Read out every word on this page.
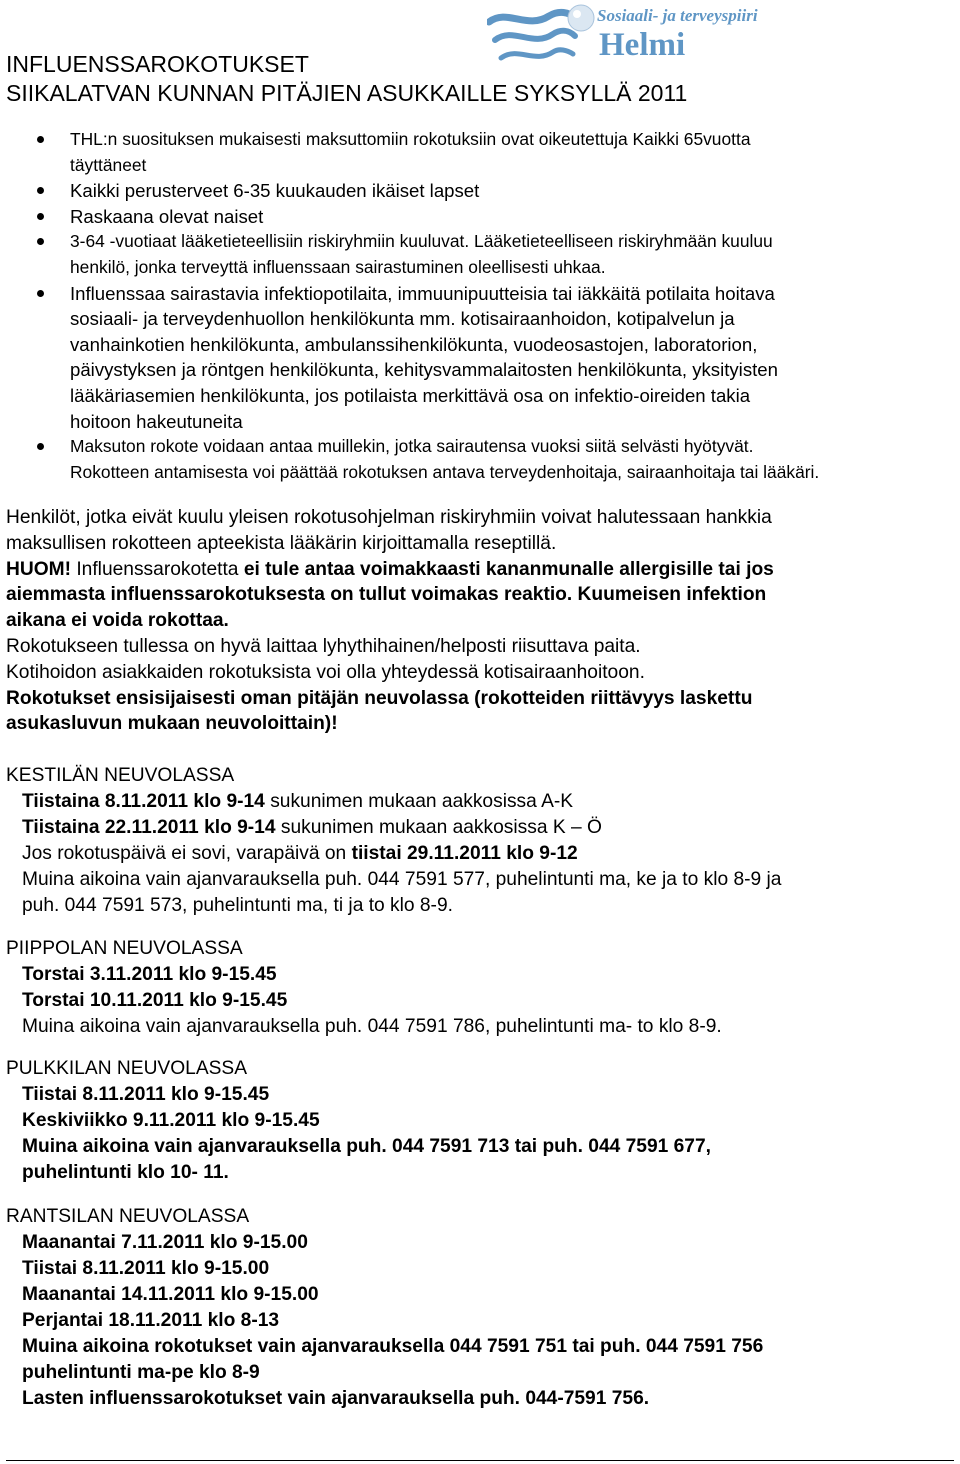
Sosiaali- ja terveyspiiri
Helmi
INFLUENSSAROKOTUKSET
SIIKALATVAN KUNNAN PITÄJIEN ASUKKAILLE SYKSYLLÄ 2011
THL:n suosituksen mukaisesti maksuttomiin rokotuksiin ovat oikeutettuja Kaikki 65vuotta
täyttäneet
Kaikki perusterveet 6-35 kuukauden ikäiset lapset
Raskaana olevat naiset
3-64 -vuotiaat lääketieteellisiin riskiryhmiin kuuluvat. Lääketieteelliseen riskiryhmään kuuluu
henkilö, jonka terveyttä influenssaan sairastuminen oleellisesti uhkaa.
Influenssaa sairastavia infektiopotilaita, immuunipuutteisia tai iäkkäitä potilaita hoitava
sosiaali- ja terveydenhuollon henkilökunta mm. kotisairaanhoidon, kotipalvelun ja
vanhainkotien henkilökunta, ambulanssihenkilökunta, vuodeosastojen, laboratorion,
päivystyksen ja röntgen henkilökunta, kehitysvammalaitosten henkilökunta, yksityisten
lääkäriasemien henkilökunta, jos potilaista merkittävä osa on infektio-oireiden takia
hoitoon hakeutuneita
Maksuton rokote voidaan antaa muillekin, jotka sairautensa vuoksi siitä selvästi hyötyvät.
Rokotteen antamisesta voi päättää rokotuksen antava terveydenhoitaja, sairaanhoitaja tai lääkäri.

Henkilöt, jotka eivät kuulu yleisen rokotusohjelman riskiryhmiin voivat halutessaan hankkia
maksullisen rokotteen apteekista lääkärin kirjoittamalla reseptillä.

HUOM! Influenssarokotetta ei tule antaa voimakkaasti kananmunalle allergisille tai jos
aiemmasta influenssarokotuksesta on tullut voimakas reaktio. Kuumeisen infektion
aikana ei voida rokottaa.

Rokotukseen tullessa on hyvä laittaa lyhythihainen/helposti riisuttava paita.

Kotihoidon asiakkaiden rokotuksista voi olla yhteydessä kotisairaanhoitoon.

Rokotukset ensisijaisesti oman pitäjän neuvolassa (rokotteiden riittävyys laskettu
asukasluvun mukaan neuvoloittain)!

KESTILÄN NEUVOLASSA
Tiistaina 8.11.2011 klo 9-14 sukunimen mukaan aakkosissa A-K
Tiistaina 22.11.2011 klo 9-14 sukunimen mukaan aakkosissa K – Ö
Jos rokotuspäivä ei sovi, varapäivä on tiistai 29.11.2011 klo 9-12
Muina aikoina vain ajanvarauksella puh. 044 7591 577, puhelintunti ma, ke ja to klo 8-9 ja
puh. 044 7591 573, puhelintunti ma, ti ja to klo 8-9.
PIIPPOLAN NEUVOLASSA
Torstai 3.11.2011 klo 9-15.45
Torstai 10.11.2011 klo 9-15.45
Muina aikoina vain ajanvarauksella puh. 044 7591 786, puhelintunti ma- to klo 8-9.
PULKKILAN NEUVOLASSA
Tiistai 8.11.2011 klo 9-15.45
Keskiviikko 9.11.2011 klo 9-15.45
Muina aikoina vain ajanvarauksella puh. 044 7591 713 tai puh. 044 7591 677,
puhelintunti klo 10- 11.
RANTSILAN NEUVOLASSA
Maanantai 7.11.2011 klo 9-15.00
Tiistai 8.11.2011 klo 9-15.00
Maanantai 14.11.2011 klo 9-15.00
Perjantai 18.11.2011 klo 8-13
Muina aikoina rokotukset vain ajanvarauksella 044 7591 751 tai puh. 044 7591 756
puhelintunti ma-pe klo 8-9
Lasten influenssarokotukset vain ajanvarauksella puh. 044-7591 756.
